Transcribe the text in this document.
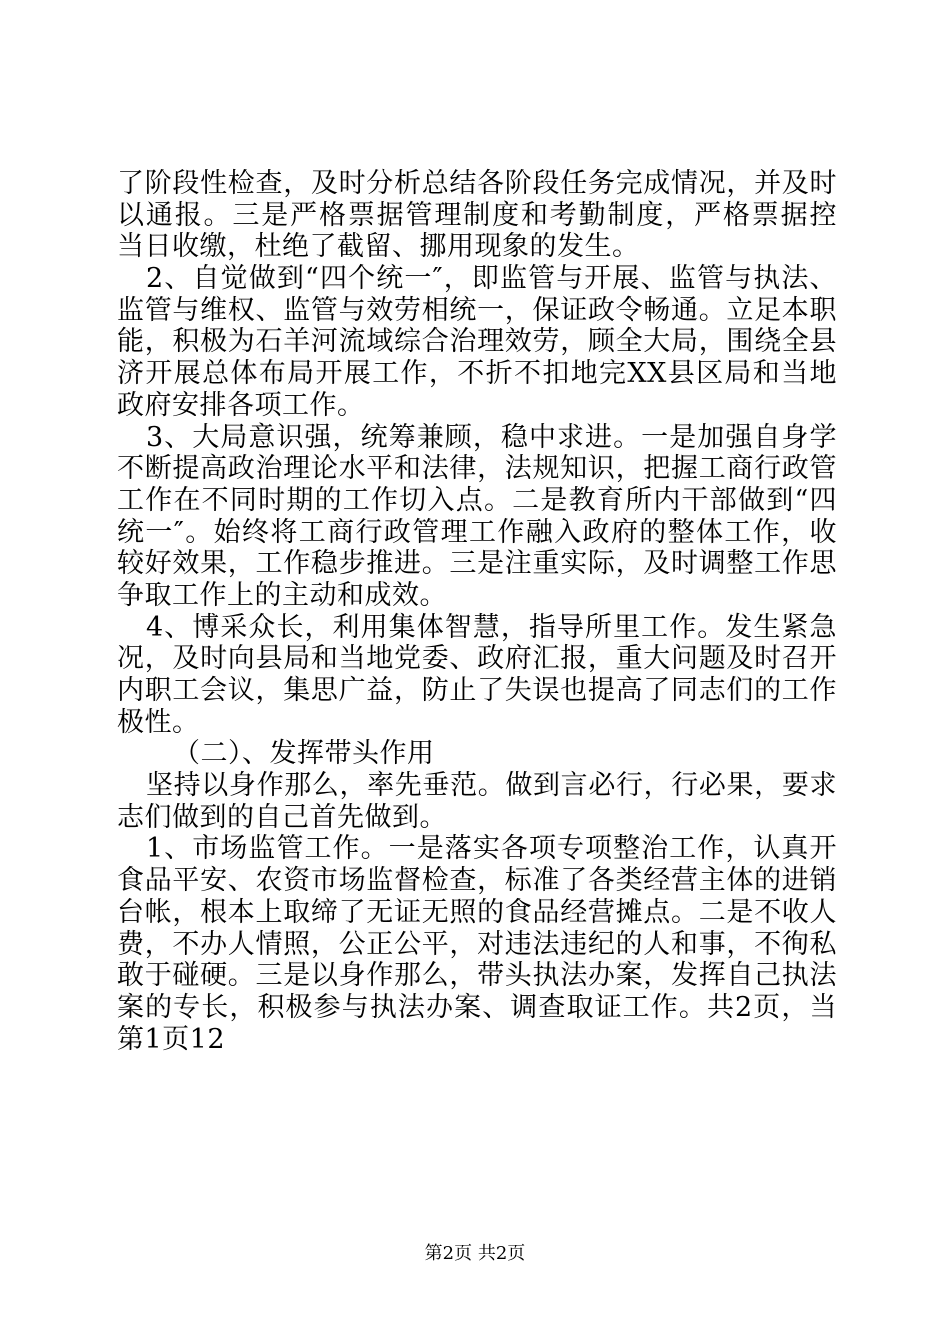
了阶段性检查，及时分析总结各阶段任务完成情况，并及时
以通报。三是严格票据管理制度和考勤制度，严格票据控
当日收缴，杜绝了截留、挪用现象的发生。
2、自觉做到“四个统一″，即监管与开展、监管与执法、
监管与维权、监管与效劳相统一，保证政令畅通。立足本职
能，积极为石羊河流域综合治理效劳，顾全大局，围绕全县
济开展总体布局开展工作，不折不扣地完XX县区局和当地
政府安排各项工作。
3、大局意识强，统筹兼顾，稳中求进。一是加强自身学
不断提高政治理论水平和法律，法规知识，把握工商行政管
工作在不同时期的工作切入点。二是教育所内干部做到“四
统一″。始终将工商行政管理工作融入政府的整体工作，收
较好效果，工作稳步推进。三是注重实际，及时调整工作思
争取工作上的主动和成效。
4、博采众长，利用集体智慧，指导所里工作。发生紧急
况，及时向县局和当地党委、政府汇报，重大问题及时召开
内职工会议，集思广益，防止了失误也提高了同志们的工作
极性。
（二）、发挥带头作用
坚持以身作那么，率先垂范。做到言必行，行必果，要求
志们做到的自己首先做到。
1、市场监管工作。一是落实各项专项整治工作，认真开
食品平安、农资市场监督检查，标准了各类经营主体的进销
台帐，根本上取缔了无证无照的食品经营摊点。二是不收人
费，不办人情照，公正公平，对违法违纪的人和事，不徇私
敢于碰硬。三是以身作那么，带头执法办案，发挥自己执法
案的专长，积极参与执法办案、调查取证工作。共2页，当
第1页12
第2页 共2页
